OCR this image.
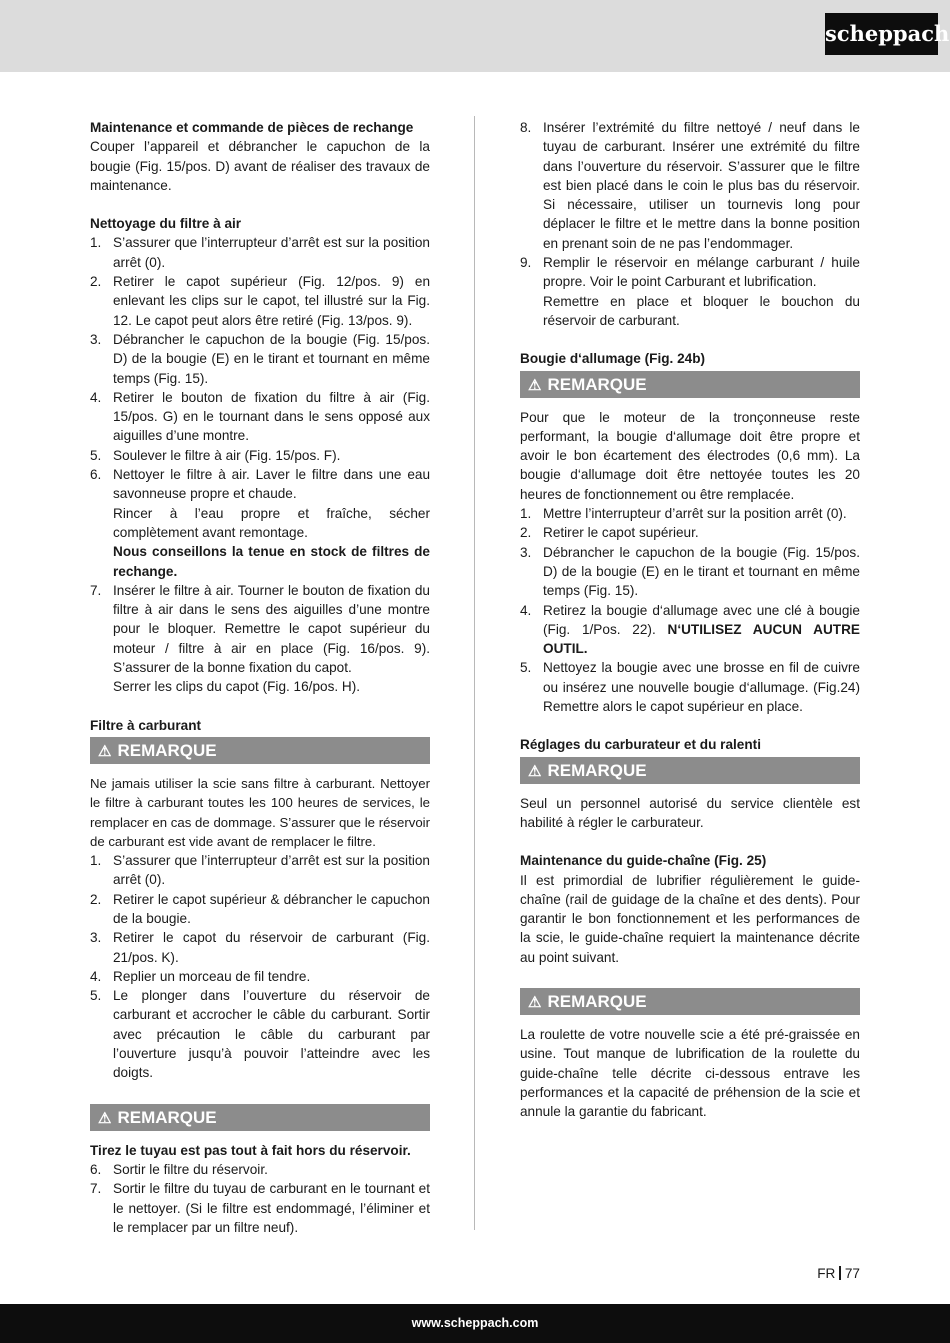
scheppach

Maintenance et commande de pièces de rechange

Couper l’appareil et débrancher le capuchon de la bougie (Fig. 15/pos. D) avant de réaliser des travaux de maintenance.

Nettoyage du filtre à air

1. S’assurer que l’interrupteur d’arrêt est sur la position arrêt (0).
2. Retirer le capot supérieur (Fig. 12/pos. 9) en enlevant les clips sur le capot, tel illustré sur la Fig. 12. Le capot peut alors être retiré (Fig. 13/pos. 9).
3. Débrancher le capuchon de la bougie (Fig. 15/pos. D) de la bougie (E) en le tirant et tournant en même temps (Fig. 15).
4. Retirer le bouton de fixation du filtre à air (Fig. 15/pos. G) en le tournant dans le sens opposé aux aiguilles d’une montre.
5. Soulever le filtre à air (Fig. 15/pos. F).
6. Nettoyer le filtre à air. Laver le filtre dans une eau savonneuse propre et chaude.
Rincer à l’eau propre et fraîche, sécher complètement avant remontage.
Nous conseillons la tenue en stock de filtres de rechange.
7. Insérer le filtre à air. Tourner le bouton de fixation du filtre à air dans le sens des aiguilles d’une montre pour le bloquer. Remettre le capot supérieur du moteur / filtre à air en place (Fig. 16/pos. 9). S’assurer de la bonne fixation du capot.
Serrer les clips du capot (Fig. 16/pos. H).

Filtre à carburant

⚠ REMARQUE

Ne jamais utiliser la scie sans filtre à carburant. Nettoyer le filtre à carburant toutes les 100 heures de services, le remplacer en cas de dommage. S’assurer que le réservoir de carburant est vide avant de remplacer le filtre.

1. S’assurer que l’interrupteur d’arrêt est sur la position arrêt (0).
2. Retirer le capot supérieur & débrancher le capuchon de la bougie.
3. Retirer le capot du réservoir de carburant (Fig. 21/pos. K).
4. Replier un morceau de fil tendre.
5. Le plonger dans l’ouverture du réservoir de carburant et accrocher le câble du carburant. Sortir avec précaution le câble du carburant par l’ouverture jusqu’à pouvoir l’atteindre avec les doigts.
⚠ REMARQUE

Tirez le tuyau est pas tout à fait hors du réservoir.

6. Sortir le filtre du réservoir.
7. Sortir le filtre du tuyau de carburant en le tournant et le nettoyer. (Si le filtre est endommagé, l’éliminer et le remplacer par un filtre neuf).
8. Insérer l’extrémité du filtre nettoyé / neuf dans le tuyau de carburant. Insérer une extrémité du filtre dans l’ouverture du réservoir. S’assurer que le filtre est bien placé dans le coin le plus bas du réservoir. Si nécessaire, utiliser un tournevis long pour déplacer le filtre et le mettre dans la bonne position en prenant soin de ne pas l’endommager.
9. Remplir le réservoir en mélange carburant / huile propre. Voir le point Carburant et lubrification.
Remettre en place et bloquer le bouchon du réservoir de carburant.

Bougie d‘allumage (Fig. 24b)

⚠ REMARQUE

Pour que le moteur de la tronçonneuse reste performant, la bougie d‘allumage doit être propre et avoir le bon écartement des électrodes (0,6 mm). La bougie d‘allumage doit être nettoyée toutes les 20 heures de fonctionnement ou être remplacée.

1. Mettre l’interrupteur d’arrêt sur la position arrêt (0).
2. Retirer le capot supérieur.
3. Débrancher le capuchon de la bougie (Fig. 15/pos. D) de la bougie (E) en le tirant et tournant en même temps (Fig. 15).
4. Retirez la bougie d‘allumage avec une clé à bougie (Fig. 1/Pos. 22). N‘UTILISEZ AUCUN AUTRE OUTIL.
5. Nettoyez la bougie avec une brosse en fil de cuivre ou insérez une nouvelle bougie d‘allumage. (Fig.24) Remettre alors le capot supérieur en place.

Réglages du carburateur et du ralenti

⚠ REMARQUE

Seul un personnel autorisé du service clientèle est habilité à régler le carburateur.

Maintenance du guide-chaîne (Fig. 25)

Il est primordial de lubrifier régulièrement le guide-chaîne (rail de guidage de la chaîne et des dents). Pour garantir le bon fonctionnement et les performances de la scie, le guide-chaîne requiert la maintenance décrite au point suivant.

⚠ REMARQUE

La roulette de votre nouvelle scie a été pré-graissée en usine. Tout manque de lubrification de la roulette du guide-chaîne telle décrite ci-dessous entrave les performances et la capacité de préhension de la scie et annule la garantie du fabricant.

FR 77
www.scheppach.com
